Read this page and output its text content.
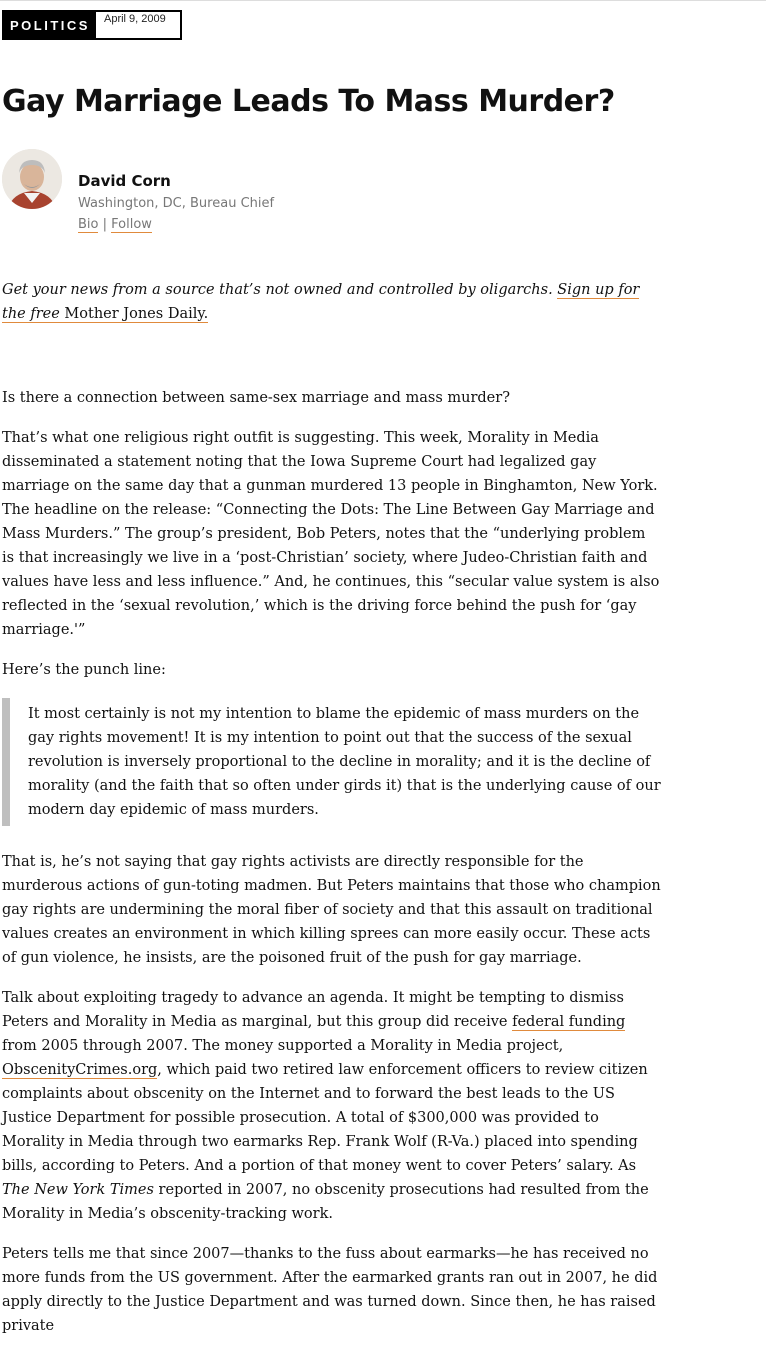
POLITICS	April 9, 2009
Gay Marriage Leads To Mass Murder?
David Corn
Washington, DC, Bureau Chief
Bio | Follow

Get your news from a source that’s not owned and controlled by oligarchs. Sign up for the free Mother Jones Daily.

Is there a connection between same-sex marriage and mass murder?

That’s what one religious right outfit is suggesting. This week, Morality in Media disseminated a statement noting that the Iowa Supreme Court had legalized gay marriage on the same day that a gunman murdered 13 people in Binghamton, New York. The headline on the release: “Connecting the Dots: The Line Between Gay Marriage and Mass Murders.” The group’s president, Bob Peters, notes that the “underlying problem is that increasingly we live in a ‘post-Christian’ society, where Judeo-Christian faith and values have less and less influence.” And, he continues, this “secular value system is also reflected in the ‘sexual revolution,’ which is the driving force behind the push for ‘gay marriage.'”

Here’s the punch line:

It most certainly is not my intention to blame the epidemic of mass murders on the gay rights movement! It is my intention to point out that the success of the sexual revolution is inversely proportional to the decline in morality; and it is the decline of morality (and the faith that so often under girds it) that is the underlying cause of our modern day epidemic of mass murders.

That is, he’s not saying that gay rights activists are directly responsible for the murderous actions of gun-toting madmen. But Peters maintains that those who champion gay rights are undermining the moral fiber of society and that this assault on traditional values creates an environment in which killing sprees can more easily occur. These acts of gun violence, he insists, are the poisoned fruit of the push for gay marriage.

Talk about exploiting tragedy to advance an agenda. It might be tempting to dismiss Peters and Morality in Media as marginal, but this group did receive federal funding from 2005 through 2007. The money supported a Morality in Media project, ObscenityCrimes.org, which paid two retired law enforcement officers to review citizen complaints about obscenity on the Internet and to forward the best leads to the US Justice Department for possible prosecution. A total of $300,000 was provided to Morality in Media through two earmarks Rep. Frank Wolf (R-Va.) placed into spending bills, according to Peters. And a portion of that money went to cover Peters’ salary. As The New York Times reported in 2007, no obscenity prosecutions had resulted from the Morality in Media’s obscenity-tracking work.

Peters tells me that since 2007—thanks to the fuss about earmarks—he has received no more funds from the US government. After the earmarked grants ran out in 2007, he did apply directly to the Justice Department and was turned down. Since then, he has raised private
